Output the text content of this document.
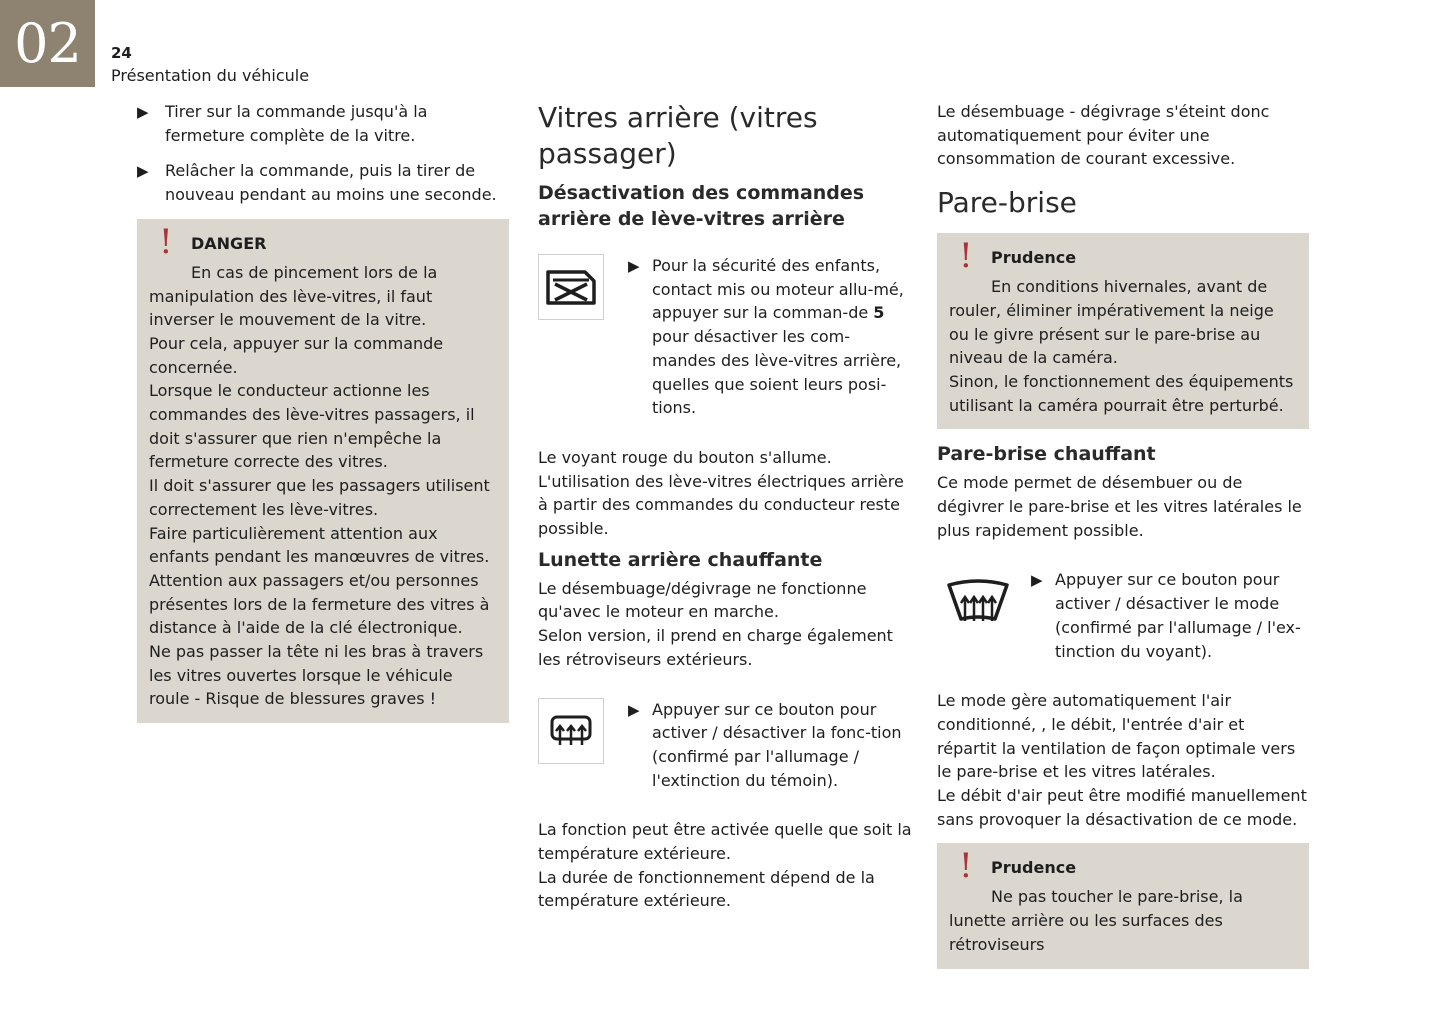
02	24
Présentation du véhicule

▶ Tirer sur la commande jusqu'à la fermeture complète de la vitre.

▶ Relâcher la commande, puis la tirer de nouveau pendant au moins une seconde.

! DANGER

En cas de pincement lors de la manipulation des lève-vitres, il faut inverser le mouvement de la vitre.

Pour cela, appuyer sur la commande concernée.

Lorsque le conducteur actionne les commandes des lève-vitres passagers, il doit s'assurer que rien n'empêche la fermeture correcte des vitres.

Il doit s'assurer que les passagers utilisent correctement les lève-vitres.

Faire particulièrement attention aux enfants pendant les manœuvres de vitres.

Attention aux passagers et/ou personnes présentes lors de la fermeture des vitres à distance à l'aide de la clé électronique.

Ne pas passer la tête ni les bras à travers les vitres ouvertes lorsque le véhicule roule - Risque de blessures graves !

Vitres arrière (vitres passager)
Désactivation des commandes arrière de lève-vitres arrière

▶ Pour la sécurité des enfants, contact mis ou moteur allu-mé, appuyer sur la comman-de 5 pour désactiver les com-mandes des lève-vitres arrière, quelles que soient leurs posi-tions.

Le voyant rouge du bouton s'allume.

L'utilisation des lève-vitres électriques arrière à partir des commandes du conducteur reste possible.

Lunette arrière chauffante

Le désembuage/dégivrage ne fonctionne qu'avec le moteur en marche.

Selon version, il prend en charge également les rétroviseurs extérieurs.

▶ Appuyer sur ce bouton pour activer / désactiver la fonc-tion (confirmé par l'allumage / l'extinction du témoin).

La fonction peut être activée quelle que soit la température extérieure.

La durée de fonctionnement dépend de la température extérieure.

Le désembuage - dégivrage s'éteint donc automatiquement pour éviter une consommation de courant excessive.

Pare-brise
! Prudence

En conditions hivernales, avant de rouler, éliminer impérativement la neige ou le givre présent sur le pare-brise au niveau de la caméra.

Sinon, le fonctionnement des équipements utilisant la caméra pourrait être perturbé.

Pare-brise chauffant

Ce mode permet de désembuer ou de dégivrer le pare-brise et les vitres latérales le plus rapidement possible.

▶ Appuyer sur ce bouton pour activer / désactiver le mode (confirmé par l'allumage / l'ex-tinction du voyant).

Le mode gère automatiquement l'air conditionné, , le débit, l'entrée d'air et répartit la ventilation de façon optimale vers le pare-brise et les vitres latérales.

Le débit d'air peut être modifié manuellement sans provoquer la désactivation de ce mode.

! Prudence

Ne pas toucher le pare-brise, la lunette arrière ou les surfaces des rétroviseurs
